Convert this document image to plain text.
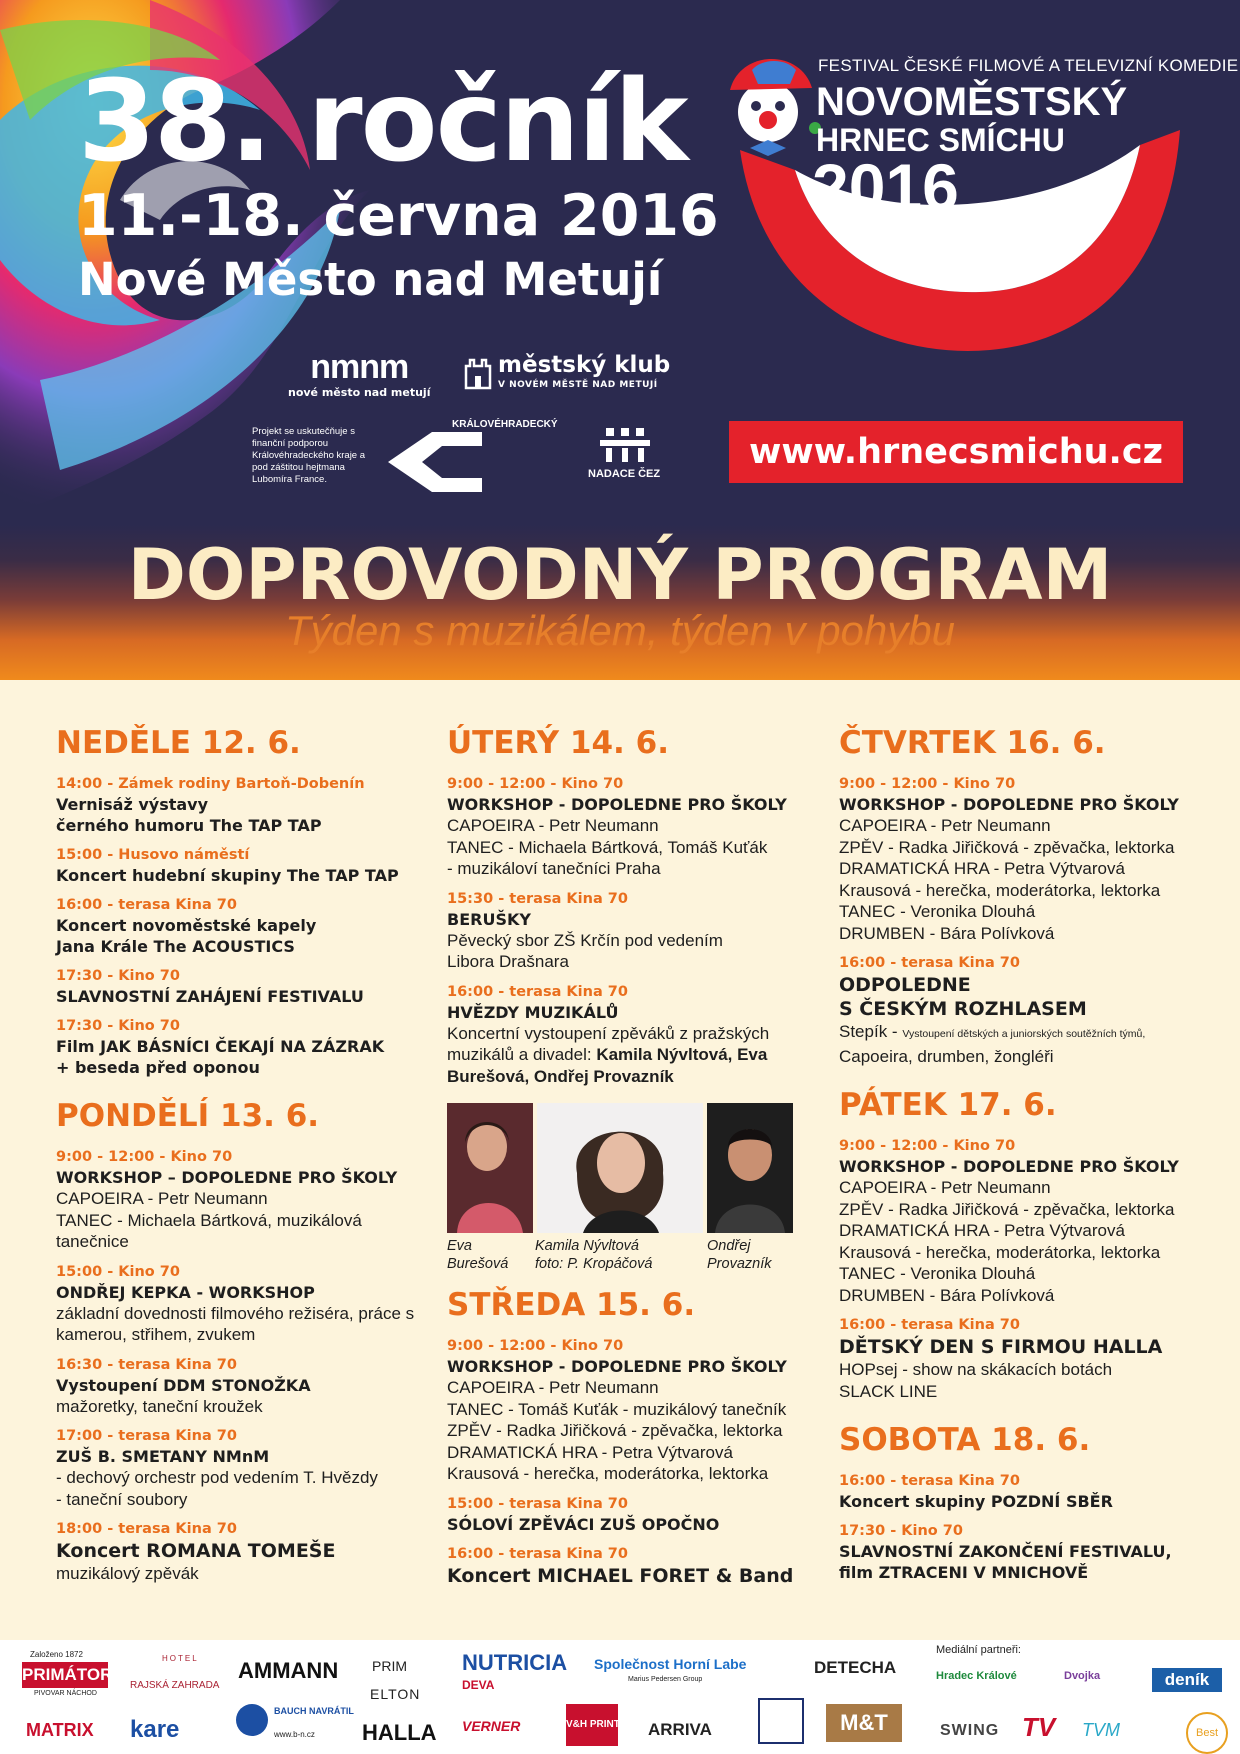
38. ročník
11.-18. června 2016
Nové Město nad Metují
FESTIVAL ČESKÉ FILMOVÉ A TELEVIZNÍ KOMEDIE
NOVOMĚSTSKÝ
HRNEC SMÍCHU
2016
nmnm
nové město nad metují
městský klub
V NOVÉM MĚSTĚ NAD METUJÍ
Projekt se uskutečňuje s finanční podporou Královéhradeckého kraje a pod záštitou hejtmana Lubomíra France.
KRÁLOVÉHRADECKÝ KRAJ
NADACE ČEZ
www.hrnecsmichu.cz
DOPROVODNÝ PROGRAM
Týden s muzikálem, týden v pohybu
NEDĚLE 12. 6.
14:00 - Zámek rodiny Bartoň-Dobenín
Vernisáž výstavy
černého humoru The TAP TAP
15:00 - Husovo náměstí
Koncert hudební skupiny The TAP TAP
16:00 - terasa Kina 70
Koncert novoměstské kapely
Jana Krále The ACOUSTICS
17:30 - Kino 70
SLAVNOSTNÍ ZAHÁJENÍ FESTIVALU
17:30 - Kino 70
Film JAK BÁSNÍCI ČEKAJÍ NA ZÁZRAK
+ beseda před oponou
PONDĚLÍ 13. 6.
9:00 - 12:00 - Kino 70
WORKSHOP – DOPOLEDNE PRO ŠKOLY
CAPOEIRA - Petr Neumann
TANEC - Michaela Bártková, muzikálová tanečnice
15:00 - Kino 70
ONDŘEJ KEPKA - WORKSHOP
základní dovednosti filmového režiséra, práce s kamerou, střihem, zvukem
16:30 - terasa Kina 70
Vystoupení DDM STONOŽKA
mažoretky, taneční kroužek
17:00 - terasa Kina 70
ZUŠ B. SMETANY NMnM
- dechový orchestr pod vedením T. Hvězdy
- taneční soubory
18:00 - terasa Kina 70
Koncert ROMANA TOMEŠE
muzikálový zpěvák
ÚTERÝ 14. 6.
9:00 - 12:00 - Kino 70
WORKSHOP - DOPOLEDNE PRO ŠKOLY
CAPOEIRA - Petr Neumann
TANEC - Michaela Bártková, Tomáš Kuťák
- muzikáloví tanečníci Praha
15:30 - terasa Kina 70
BERUŠKY
Pěvecký sbor ZŠ Krčín pod vedením
Libora Drašnara
16:00 - terasa Kina 70
HVĚZDY MUZIKÁLŮ
Koncertní vystoupení zpěváků z pražských muzikálů a divadel: Kamila Nývltová, Eva Burešová, Ondřej Provazník
Eva
Burešová
Kamila Nývltová
foto: P. Kropáčová
Ondřej
Provazník
STŘEDA 15. 6.
9:00 - 12:00 - Kino 70
WORKSHOP - DOPOLEDNE PRO ŠKOLY
CAPOEIRA - Petr Neumann
TANEC - Tomáš Kuťák - muzikálový tanečník
ZPĚV - Radka Jiřičková - zpěvačka, lektorka
DRAMATICKÁ HRA - Petra Výtvarová
Krausová - herečka, moderátorka, lektorka
15:00 - terasa Kina 70
SÓLOVÍ ZPĚVÁCI ZUŠ OPOČNO
16:00 - terasa Kina 70
Koncert MICHAEL FORET & Band
ČTVRTEK 16. 6.
9:00 - 12:00 - Kino 70
WORKSHOP - DOPOLEDNE PRO ŠKOLY
CAPOEIRA - Petr Neumann
ZPĚV - Radka Jiřičková - zpěvačka, lektorka
DRAMATICKÁ HRA - Petra Výtvarová
Krausová - herečka, moderátorka, lektorka
TANEC - Veronika Dlouhá
DRUMBEN - Bára Polívková
16:00 - terasa Kina 70
ODPOLEDNE
S ČESKÝM ROZHLASEM
Stepík - Vystoupení dětských a juniorských soutěžních týmů,
Capoeira, drumben, žongléři
PÁTEK 17. 6.
9:00 - 12:00 - Kino 70
WORKSHOP - DOPOLEDNE PRO ŠKOLY
CAPOEIRA - Petr Neumann
ZPĚV - Radka Jiřičková - zpěvačka, lektorka
DRAMATICKÁ HRA - Petra Výtvarová
Krausová - herečka, moderátorka, lektorka
TANEC - Veronika Dlouhá
DRUMBEN - Bára Polívková
16:00 - terasa Kina 70
DĚTSKÝ DEN S FIRMOU HALLA
HOPsej - show na skákacích botách
SLACK LINE
SOBOTA 18. 6.
16:00 - terasa Kina 70
Koncert skupiny POZDNÍ SBĚR
17:30 - Kino 70
SLAVNOSTNÍ ZAKONČENÍ FESTIVALU,
film ZTRACENI V MNICHOVĚ
Založeno 1872
PRIMÁTOR
PIVOVAR NÁCHOD
HOTEL
RAJSKÁ ZAHRADA
AMMANN PRIM
ELTON
HALLA
NUTRICIA
DEVA
Společnost Horní Labe
Marius Pedersen Group
DETECHA
Mediální partneři:
Hradec Králové	Dvojka	deník
MATRIX kare
BAUCH NAVRÁTIL
www.b-n.cz
VERNER	V&H PRINT ARRIVA	M&T	SWING TV TVM	Best
